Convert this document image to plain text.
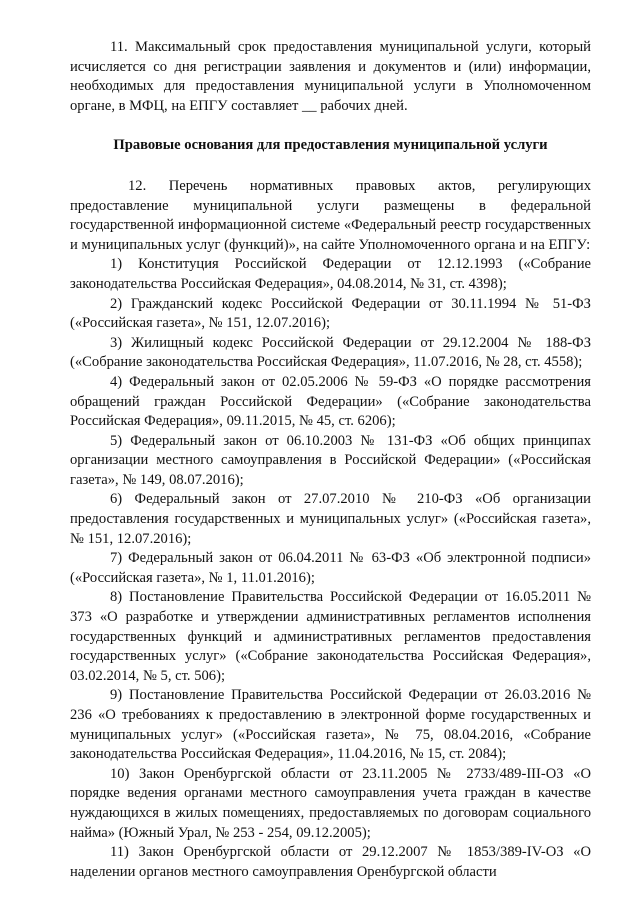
11. Максимальный срок предоставления муниципальной услуги, который исчисляется со дня регистрации заявления и документов и (или) информации, необходимых для предоставления муниципальной услуги в Уполномоченном органе, в МФЦ, на ЕПГУ составляет __ рабочих дней.

Правовые основания для предоставления муниципальной услуги

12. Перечень нормативных правовых актов, регулирующих предоставление муниципальной услуги размещены в федеральной государственной информационной системе «Федеральный реестр государственных и муниципальных услуг (функций)», на сайте Уполномоченного органа и на ЕПГУ:

1) Конституция Российской Федерации от 12.12.1993 («Собрание законодательства Российская Федерация», 04.08.2014, № 31, ст. 4398);

2) Гражданский кодекс Российской Федерации от 30.11.1994 № 51-ФЗ («Российская газета», № 151, 12.07.2016);

3) Жилищный кодекс Российской Федерации от 29.12.2004 № 188-ФЗ («Собрание законодательства Российская Федерация», 11.07.2016, № 28, ст. 4558);

4) Федеральный закон от 02.05.2006 № 59-ФЗ «О порядке рассмотрения обращений граждан Российской Федерации» («Собрание законодательства Российская Федерация», 09.11.2015, № 45, ст. 6206);

5) Федеральный закон от 06.10.2003 № 131-ФЗ «Об общих принципах организации местного самоуправления в Российской Федерации» («Российская газета», № 149, 08.07.2016);

6) Федеральный закон от 27.07.2010 № 210-ФЗ «Об организации предоставления государственных и муниципальных услуг» («Российская газета», № 151, 12.07.2016);

7) Федеральный закон от 06.04.2011 № 63-ФЗ «Об электронной подписи» («Российская газета», № 1, 11.01.2016);

8) Постановление Правительства Российской Федерации от 16.05.2011 № 373 «О разработке и утверждении административных регламентов исполнения государственных функций и административных регламентов предоставления государственных услуг» («Собрание законодательства Российская Федерация», 03.02.2014, № 5, ст. 506);

9) Постановление Правительства Российской Федерации от 26.03.2016 № 236 «О требованиях к предоставлению в электронной форме государственных и муниципальных услуг» («Российская газета», № 75, 08.04.2016, «Собрание законодательства Российская Федерация», 11.04.2016, № 15, ст. 2084);

10) Закон Оренбургской области от 23.11.2005 № 2733/489-III-ОЗ «О порядке ведения органами местного самоуправления учета граждан в качестве нуждающихся в жилых помещениях, предоставляемых по договорам социального найма» (Южный Урал, № 253 - 254, 09.12.2005);

11) Закон Оренбургской области от 29.12.2007 № 1853/389-IV-ОЗ «О наделении органов местного самоуправления Оренбургской области
